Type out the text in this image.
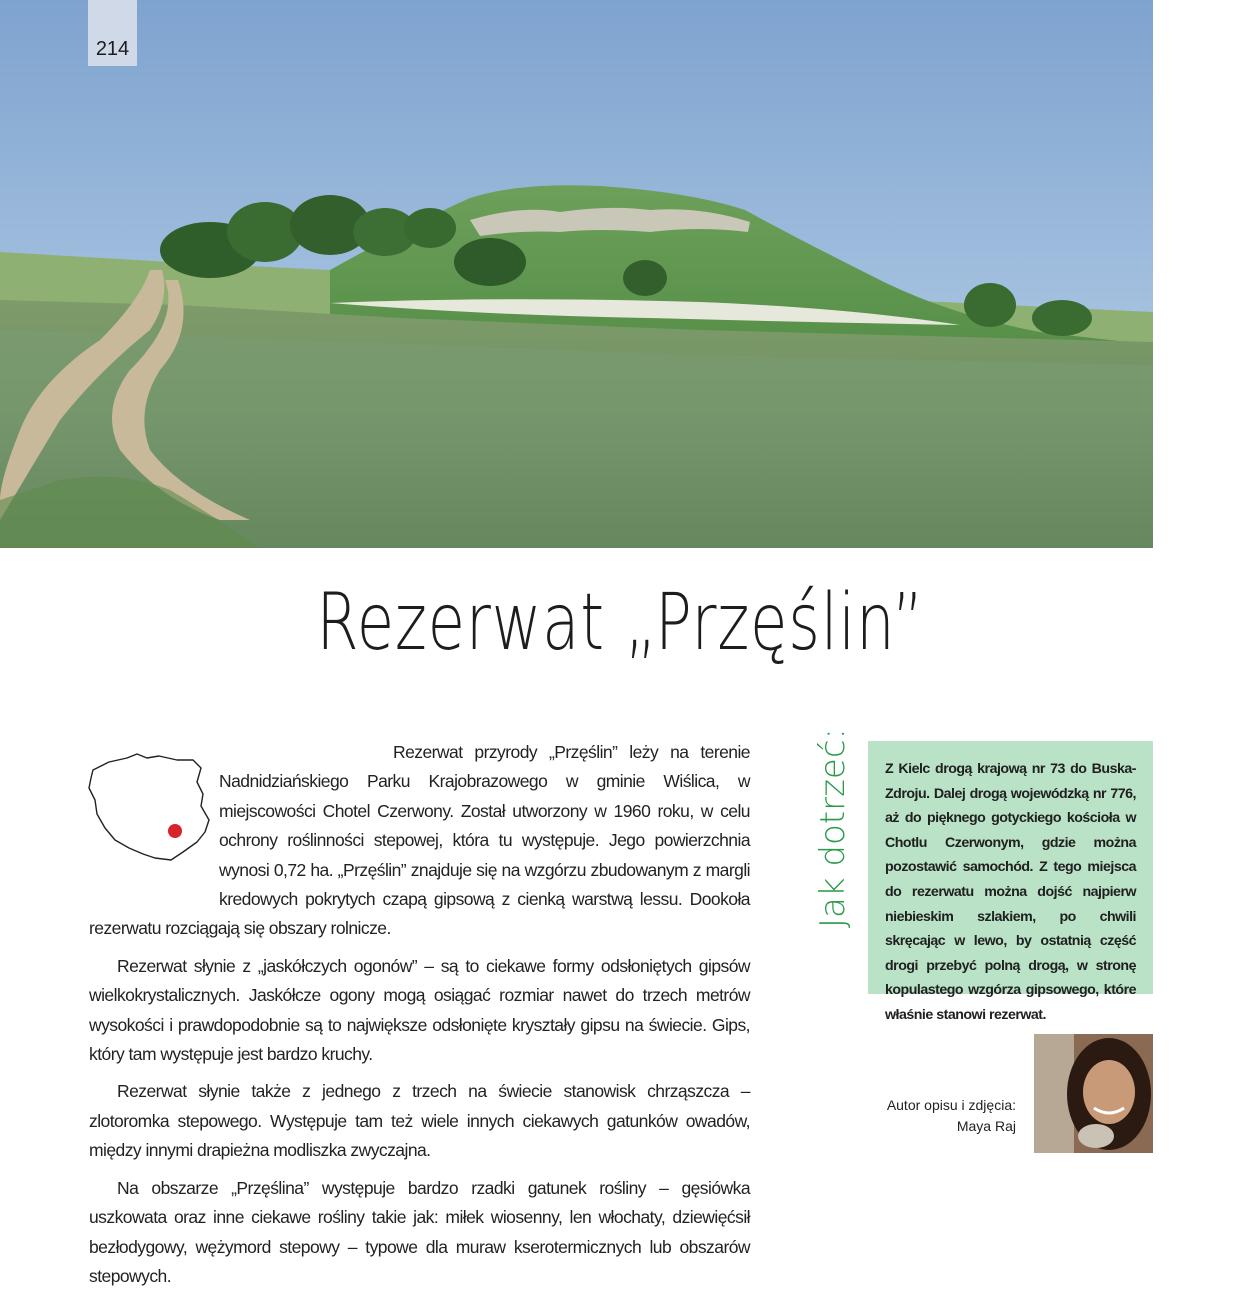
214
Rezerwat „Przęślin”

Rezerwat przyrody „Przęślin” leży na terenie Nadnidziańskiego Parku Krajobrazowego w gminie Wiślica, w miejscowości Chotel Czerwony. Został utworzony w 1960 roku, w celu ochrony roślinności stepowej, która tu występuje. Jego powierzchnia wynosi 0,72 ha. „Przęślin” znajduje się na wzgórzu zbudowanym z margli kredowych pokrytych czapą gipsową z cienką warstwą lessu. Dookoła rezerwatu rozciągają się obszary rolnicze.

Rezerwat słynie z „jaskółczych ogonów” – są to ciekawe formy odsłoniętych gipsów wielkokrystalicznych. Jaskółcze ogony mogą osiągać rozmiar nawet do trzech metrów wysokości i prawdopodobnie są to największe odsłonięte kryształy gipsu na świecie. Gips, który tam występuje jest bardzo kruchy.

Rezerwat słynie także z jednego z trzech na świecie stanowisk chrząszcza – zlotoromka stepowego. Występuje tam też wiele innych ciekawych gatunków owadów, między innymi drapieżna modliszka zwyczajna.

Na obszarze „Przęślina” występuje bardzo rzadki gatunek rośliny – gęsiówka uszkowata oraz inne ciekawe rośliny takie jak: miłek wiosenny, len włochaty, dziewięćsił bezłodygowy, wężymord stepowy – typowe dla muraw kserotermicznych lub obszarów stepowych.

Jak dotrzeć:	Z Kielc drogą krajową nr 73 do Buska-Zdroju. Dalej drogą wojewódzką nr 776, aż do pięknego gotyckiego kościoła w Chotlu Czerwonym, gdzie można pozostawić samochód. Z tego miejsca do rezerwatu można dojść najpierw niebieskim szlakiem, po chwili skręcając w lewo, by ostatnią część drogi przebyć polną drogą, w stronę kopulastego wzgórza gipsowego, które właśnie stanowi rezerwat.
Autor opisu i zdjęcia:
Maya Raj
